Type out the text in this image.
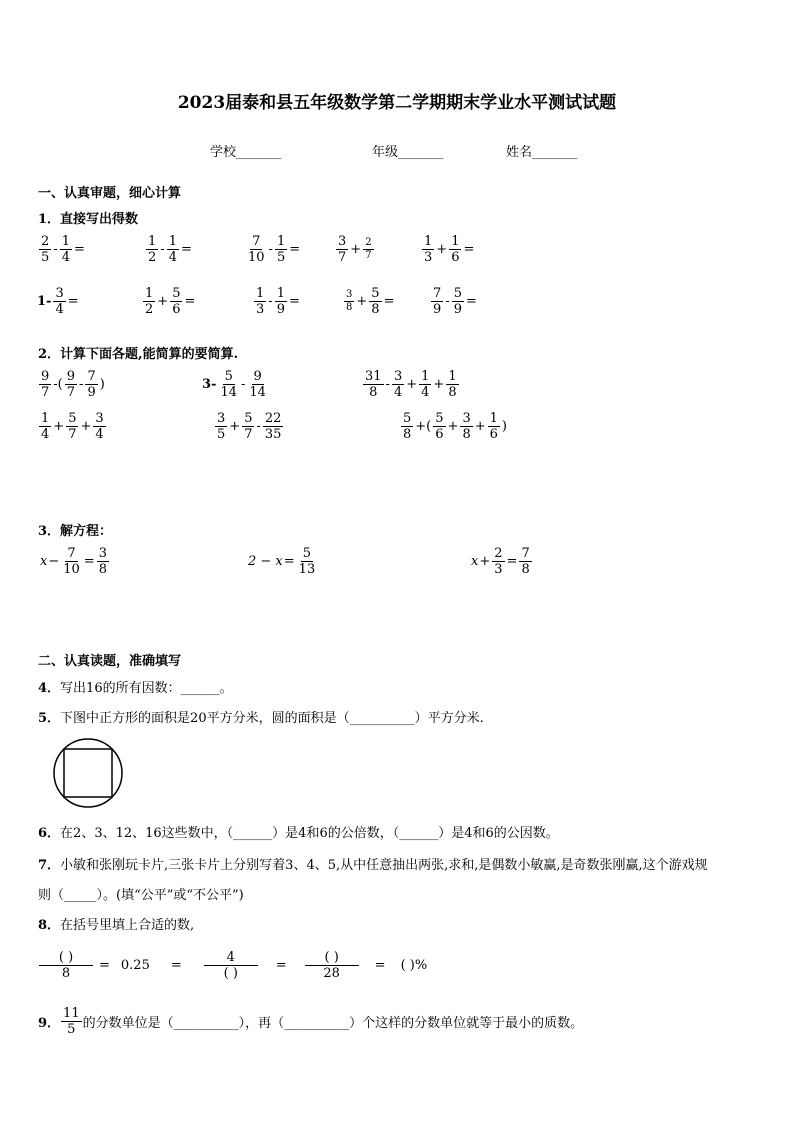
2023届泰和县五年级数学第二学期期末学业水平测试试题
学校_______	年级_______	姓名_______
一、认真审题，细心计算
1．直接写出得数
$\frac{2}{5} - \frac{1}{4}$ =	$\frac{1}{2} - \frac{1}{4}$ =	$\frac{7}{10} - \frac{1}{5}$ =	$\frac{3}{7} + \frac{2}{7}$	$\frac{1}{3} + \frac{1}{6}$ =
$1- \frac{3}{4}$ =	$\frac{1}{2} + \frac{5}{6}$ =	$\frac{1}{3} - \frac{1}{9}$ =	$\frac{3}{8} + \frac{5}{8}$ =	$\frac{7}{9} - \frac{5}{9}$ =
2．计算下面各题,能简算的要简算.
$\frac{9}{7}$ -( $\frac{9}{7} - \frac{7}{9}$ )	$3- \frac{5}{14} - \frac{9}{14}$	$\frac{31}{8} - \frac{3}{4} + \frac{1}{4} + \frac{1}{8}$
$\frac{1}{4} + \frac{5}{7} + \frac{3}{4}$	$\frac{3}{5} + \frac{5}{7} - \frac{22}{35}$	$\frac{5}{8}$ +( $\frac{5}{6} + \frac{3}{8} + \frac{1}{6}$ )
3．解方程：
$x - \frac{7}{10} = \frac{3}{8}$	$2 - x = \frac{5}{13}$	$x + \frac{2}{3} = \frac{7}{8}$
二、认真读题，准确填写
4．写出16的所有因数：______。
5．下图中正方形的面积是20平方分米，圆的面积是（__________）平方分米.
6．在2、3、12、16这些数中，（______）是4和6的公倍数，（______）是4和6的公因数。
7．小敏和张刚玩卡片,三张卡片上分别写着3、4、5,从中任意抽出两张,求和,是偶数小敏赢,是奇数张刚赢,这个游戏规
则（_____）。(填“公平”或“不公平”)
8．在括号里填上合适的数,
$\frac{( )}{8} = 0.25 = \frac{4}{( )} = \frac{( )}{28}$ = ( )%
9． $\frac{11}{5}$ 的分数单位是（__________），再（__________）个这样的分数单位就等于最小的质数。
